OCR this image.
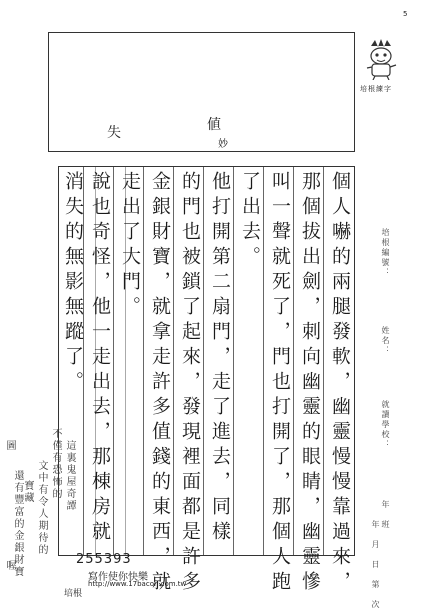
5
培根練字
失	値
妙
個人嚇的兩腿發軟，幽靈慢慢靠過來，
那個拔出劍，刺向幽靈的眼睛，幽靈慘
叫一聲就死了，門也打開了，那個人跑
了出去。
他打開第二扇門，走了進去，同樣
的門也被鎖了起來，發現裡面都是許多
金銀財寶，就拿走許多值錢的東西，就
走出了大門。
說也奇怪，他一走出去，那棟房就
消失的無影無蹤了。
這裏鬼屋奇譚
不僅有恐怖的
文中有令人期待的
寶藏
還有豐富的金銀財寶
喔
圖
培根編號：
姓名：
就讀學校：
年　班
年　月　日　第　次
255393
寫作使你快樂
http://www.17bacon.com.tw
培根
